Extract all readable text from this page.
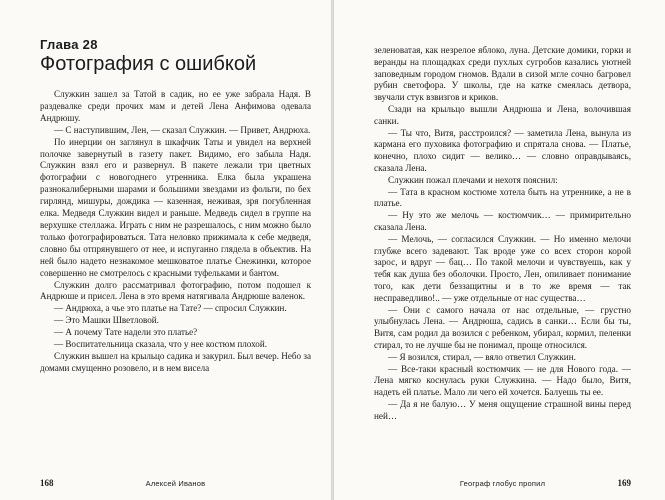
Глава 28
Фотография с ошибкой

Служкин зашел за Татой в садик, но ее уже забрала Надя. В раздевалке среди прочих мам и детей Лена Анфимова одевала Андрюшу.

— С наступившим, Лен, — сказал Служкин. — Привет, Андрюха.

По инерции он заглянул в шкафчик Таты и увидел на верхней полочке завернутый в газету пакет. Видимо, его забыла Надя. Служкин взял его и развернул. В пакете лежали три цветных фотографии с новогоднего утренника. Елка была украшена разнокалиберными шарами и большими звездами из фольги, по бех гирлянд, мишуры, дождика — казенная, неживая, зря погубленная елка. Медведя Служкин видел и раньше. Медведь сидел в группе на верхушке стеллажа. Играть с ним не разрешалось, с ним можно было только фотографироваться. Тата неловко прижимала к себе медведя, словно бы отпрянувшего от нее, и испуганно глядела в объектив. На ней было надето незнакомое мешковатое платье Снежинки, которое совершенно не смотрелось с красными туфельками и бантом.

Служкин долго рассматривал фотографию, потом подошел к Андрюше и присел. Лена в это время натягивала Андрюше валенок.

— Андрюха, а чье это платье на Тате? — спросил Служкин.

— Это Машки Шветловой.

— А почему Тате надели это платье?

— Воспитательница сказала, что у нее костюм плохой.

Служкин вышел на крыльцо садика и закурил. Был вечер. Небо за домами смущенно розовело, и в нем висела

168	Алексей Иванов

зеленоватая, как незрелое яблоко, луна. Детские домики, горки и веранды на площадках среди пухлых сугробов казались уютней заповедным городом гномов. Вдали в сизой мгле сочно багровел рубин светофора. У школы, где на катке смеялась детвора, звучали стук взвизгов и криков.

Сзади на крыльцо вышли Андрюша и Лена, волочившая санки.

— Ты что, Витя, расстроился? — заметила Лена, вынула из кармана его пуховика фотографию и спрятала снова. — Платье, конечно, плохо сидит — велико… — словно оправдываясь, сказала Лена.

Служкин пожал плечами и нехотя пояснил:

— Тата в красном костюме хотела быть на утреннике, а не в платье.

— Ну это же мелочь — костюмчик… — примирительно сказала Лена.

— Мелочь, — согласился Служкин. — Но именно мелочи глубже всего задевают. Так вроде уже со всех сторон корой зарос, и вдруг — бац… По такой мелочи и чувствуешь, как у тебя как душа без оболочки. Просто, Лен, опиливает понимание того, как дети беззащитны и в то же время — так несправедливо!.. — уже отдельные от нас существа…

— Они с самого начала от нас отдельные, — грустно улыбнулась Лена. — Андрюша, садись в санки… Если бы ты, Витя, сам родил да возился с ребенком, убирал, кормил, пеленки стирал, то не лучше бы не понимал, проще относился.

— Я возился, стирал, — вяло ответил Служкин.

— Все-таки красный костюмчик — не для Нового года. — Лена мягко коснулась руки Служкина. — Надо было, Витя, надеть ей платье. Мало ли чего ей хочется. Балуешь ты ее.

— Да я не балую… У меня ощущение страшной вины перед ней…

Географ глобус пропил	169
